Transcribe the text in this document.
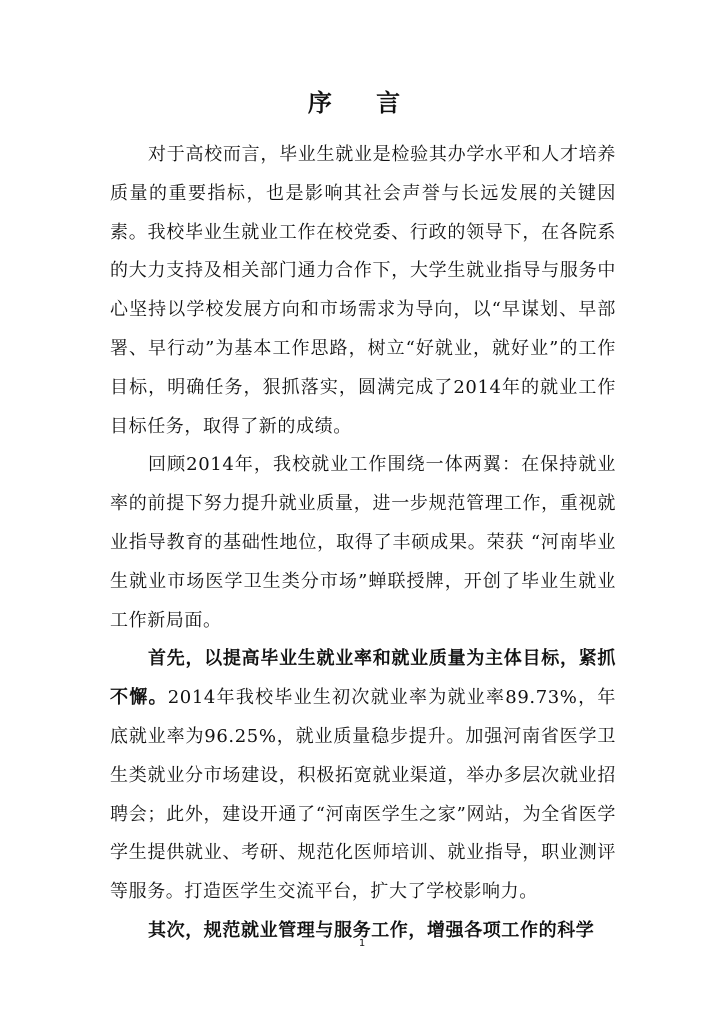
序 言

对于高校而言，毕业生就业是检验其办学水平和人才培养质量的重要指标，也是影响其社会声誉与长远发展的关键因素。我校毕业生就业工作在校党委、行政的领导下，在各院系的大力支持及相关部门通力合作下，大学生就业指导与服务中心坚持以学校发展方向和市场需求为导向，以“早谋划、早部署、早行动”为基本工作思路，树立“好就业，就好业”的工作目标，明确任务，狠抓落实，圆满完成了2014年的就业工作目标任务，取得了新的成绩。

回顾2014年，我校就业工作围绕一体两翼：在保持就业率的前提下努力提升就业质量，进一步规范管理工作，重视就业指导教育的基础性地位，取得了丰硕成果。荣获 “河南毕业生就业市场医学卫生类分市场”蝉联授牌，开创了毕业生就业工作新局面。

首先，以提高毕业生就业率和就业质量为主体目标，紧抓不懈。2014年我校毕业生初次就业率为就业率89.73%，年底就业率为96.25%，就业质量稳步提升。加强河南省医学卫生类就业分市场建设，积极拓宽就业渠道，举办多层次就业招聘会；此外，建设开通了“河南医学生之家”网站，为全省医学学生提供就业、考研、规范化医师培训、就业指导，职业测评等服务。打造医学生交流平台，扩大了学校影响力。

其次，规范就业管理与服务工作，增强各项工作的科学

1
